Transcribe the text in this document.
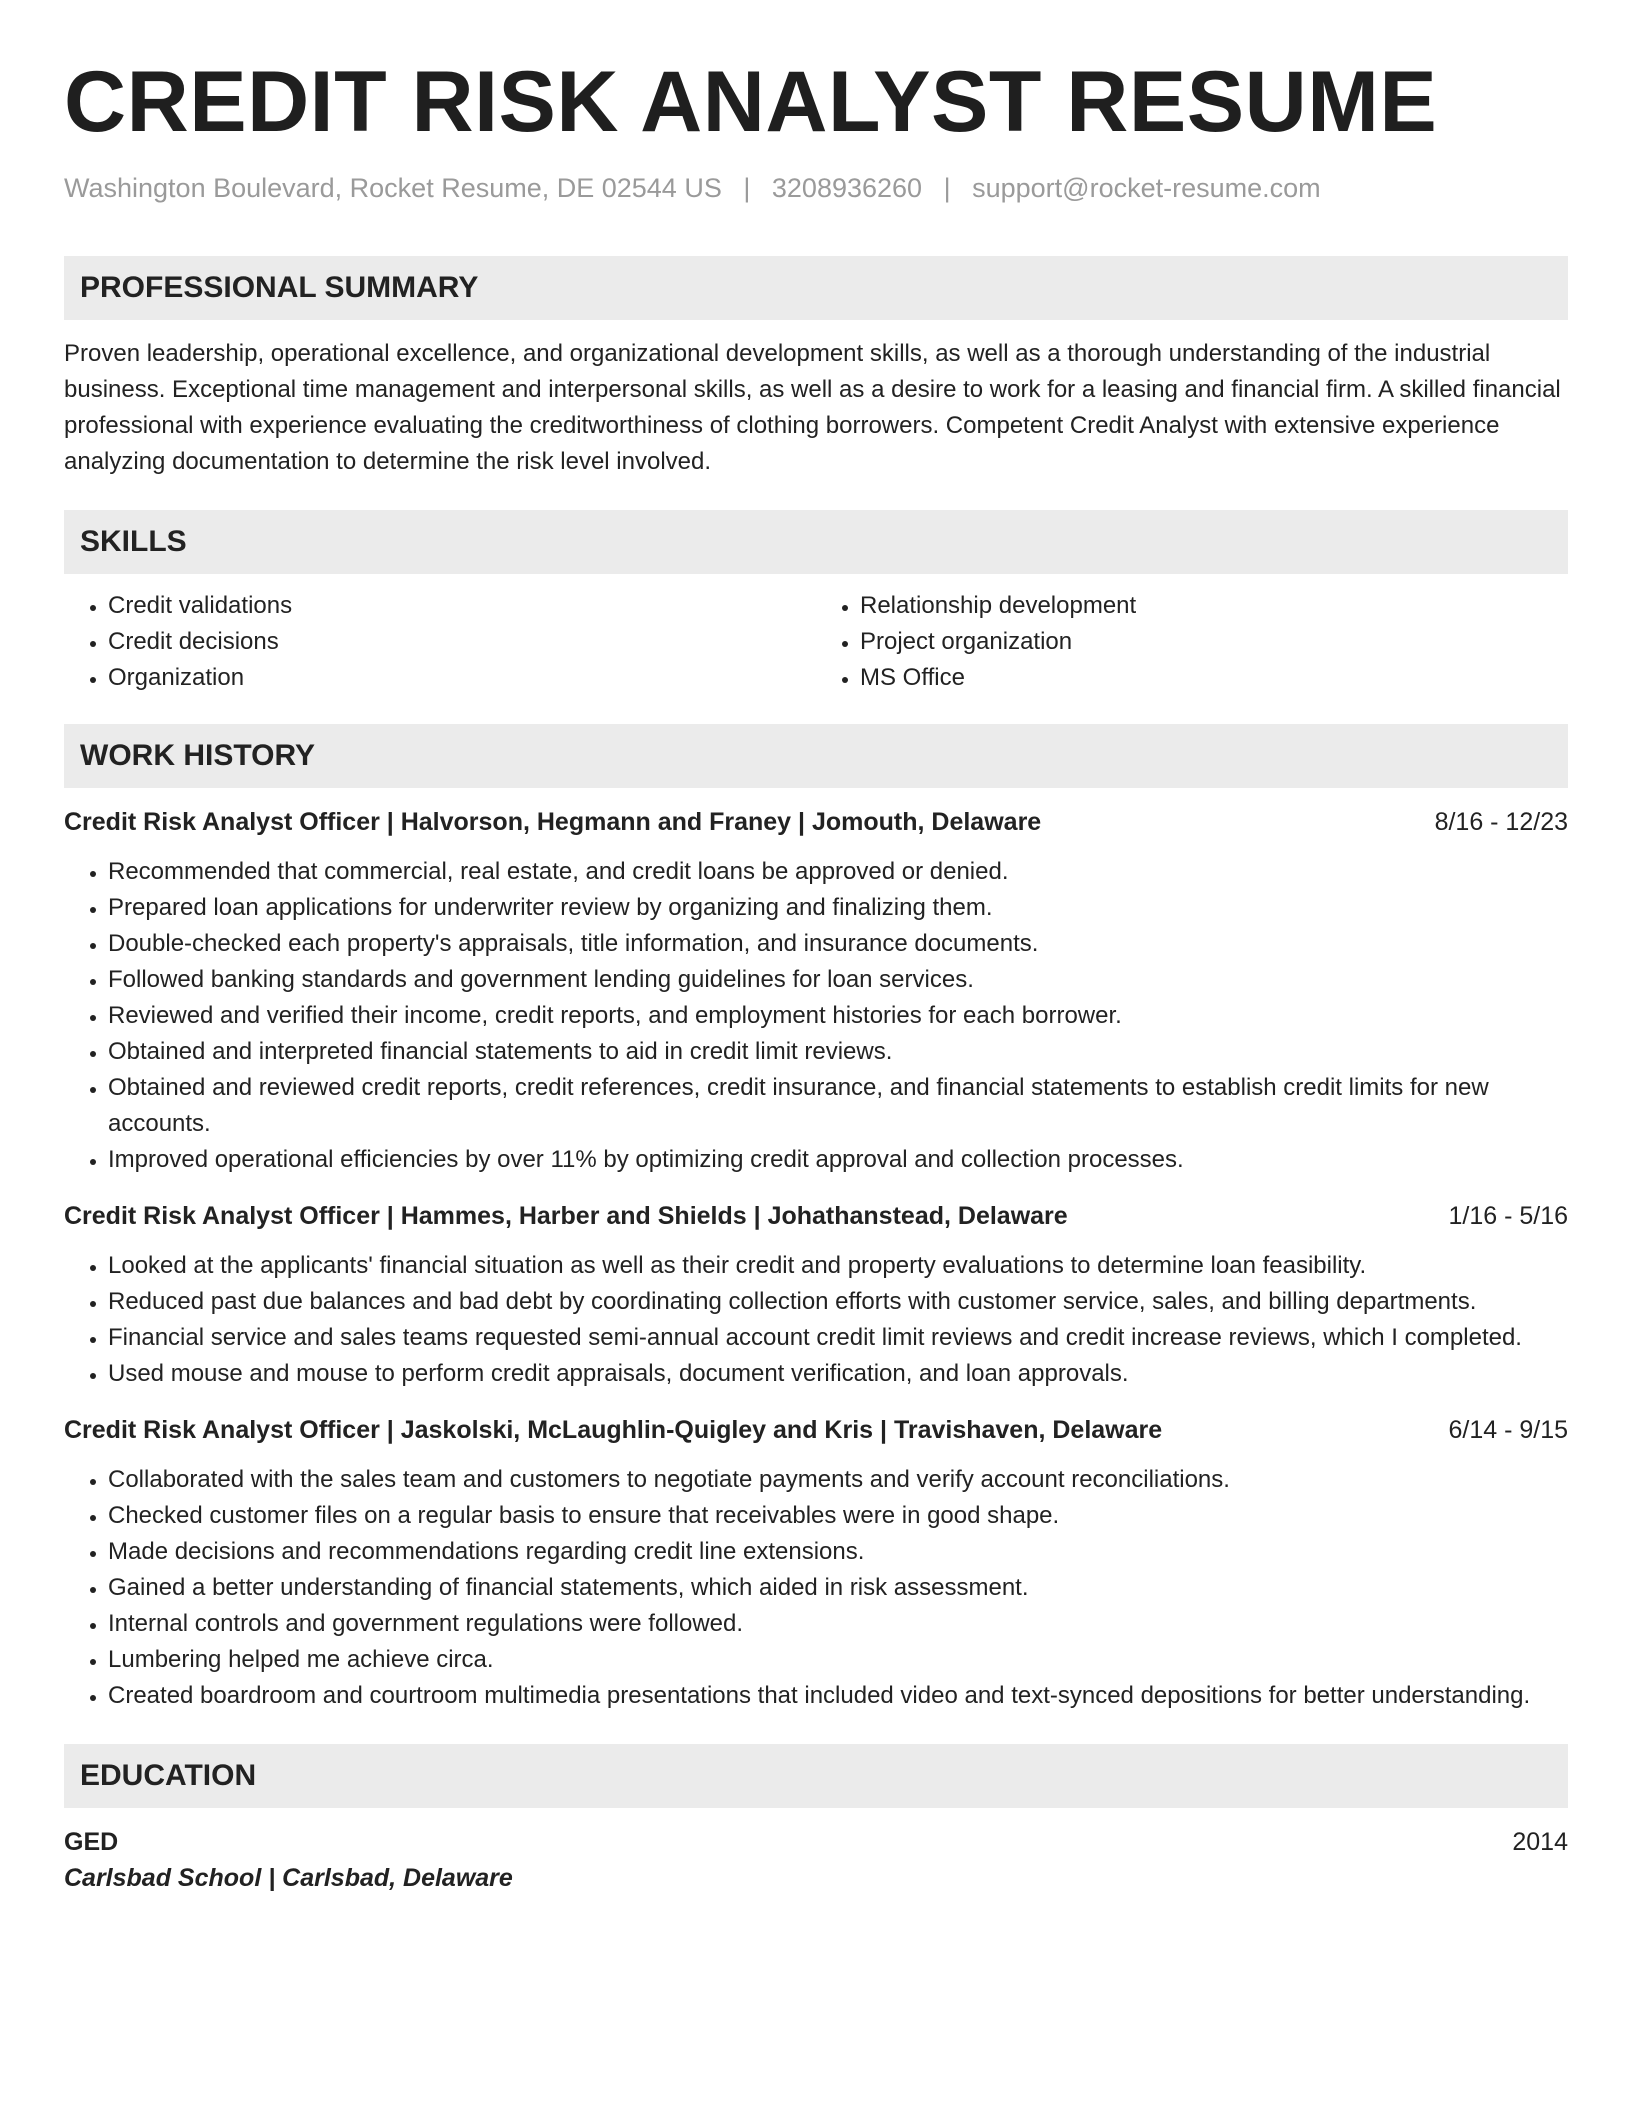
CREDIT RISK ANALYST RESUME
Washington Boulevard, Rocket Resume, DE 02544 US | 3208936260 | support@rocket-resume.com
PROFESSIONAL SUMMARY
Proven leadership, operational excellence, and organizational development skills, as well as a thorough understanding of the industrial business. Exceptional time management and interpersonal skills, as well as a desire to work for a leasing and financial firm. A skilled financial professional with experience evaluating the creditworthiness of clothing borrowers. Competent Credit Analyst with extensive experience analyzing documentation to determine the risk level involved.
SKILLS
• Credit validations
• Credit decisions
• Organization
• Relationship development
• Project organization
• MS Office
WORK HISTORY
Credit Risk Analyst Officer | Halvorson, Hegmann and Franey | Jomouth, Delaware	8/16 - 12/23
• Recommended that commercial, real estate, and credit loans be approved or denied.
• Prepared loan applications for underwriter review by organizing and finalizing them.
• Double-checked each property's appraisals, title information, and insurance documents.
• Followed banking standards and government lending guidelines for loan services.
• Reviewed and verified their income, credit reports, and employment histories for each borrower.
• Obtained and interpreted financial statements to aid in credit limit reviews.
• Obtained and reviewed credit reports, credit references, credit insurance, and financial statements to establish credit limits for new accounts.
• Improved operational efficiencies by over 11% by optimizing credit approval and collection processes.
Credit Risk Analyst Officer | Hammes, Harber and Shields | Johathanstead, Delaware	1/16 - 5/16
• Looked at the applicants' financial situation as well as their credit and property evaluations to determine loan feasibility.
• Reduced past due balances and bad debt by coordinating collection efforts with customer service, sales, and billing departments.
• Financial service and sales teams requested semi-annual account credit limit reviews and credit increase reviews, which I completed.
• Used mouse and mouse to perform credit appraisals, document verification, and loan approvals.
Credit Risk Analyst Officer | Jaskolski, McLaughlin-Quigley and Kris | Travishaven, Delaware	6/14 - 9/15
• Collaborated with the sales team and customers to negotiate payments and verify account reconciliations.
• Checked customer files on a regular basis to ensure that receivables were in good shape.
• Made decisions and recommendations regarding credit line extensions.
• Gained a better understanding of financial statements, which aided in risk assessment.
• Internal controls and government regulations were followed.
• Lumbering helped me achieve circa.
• Created boardroom and courtroom multimedia presentations that included video and text-synced depositions for better understanding.
EDUCATION
GED	2014
Carlsbad School | Carlsbad, Delaware
